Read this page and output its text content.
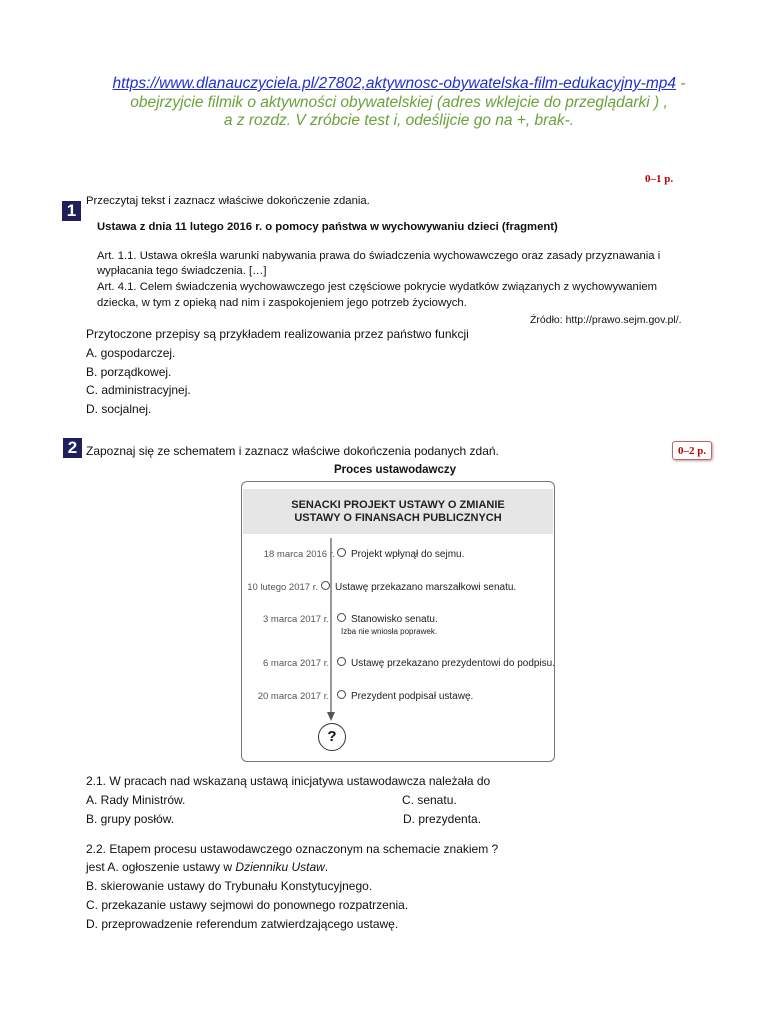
https://www.dlanauczyciela.pl/27802,aktywnosc-obywatelska-film-edukacyjny-mp4 -
obejrzyjcie filmik o aktywności obywatelskiej (adres wklejcie do przeglądarki ) ,
a z rozdz. V zróbcie test i, odeślijcie go na +, brak-.
0–1 p.
1 Przeczytaj tekst i zaznacz właściwe dokończenie zdania.
Ustawa z dnia 11 lutego 2016 r. o pomocy państwa w wychowywaniu dzieci (fragment)
Art. 1.1. Ustawa określa warunki nabywania prawa do świadczenia wychowawczego oraz zasady przyznawania i
wypłacania tego świadczenia. […]
Art. 4.1. Celem świadczenia wychowawczego jest częściowe pokrycie wydatków związanych z wychowywaniem
dziecka, w tym z opieką nad nim i zaspokojeniem jego potrzeb życiowych.
Źródło: http://prawo.sejm.gov.pl/.
Przytoczone przepisy są przykładem realizowania przez państwo funkcji
A. gospodarczej.
B. porządkowej.
C. administracyjnej.
D. socjalnej.
2 Zapoznaj się ze schematem i zaznacz właściwe dokończenia podanych zdań.	0–2 p.
Proces ustawodawczy
SENACKI PROJEKT USTAWY O ZMIANIE
USTAWY O FINANSACH PUBLICZNYCH
18 marca 2016 r. Projekt wpłynął do sejmu.
10 lutego 2017 r. Ustawę przekazano marszałkowi senatu.
3 marca 2017 r. Stanowisko senatu.
Izba nie wniosła poprawek.
6 marca 2017 r. Ustawę przekazano prezydentowi do podpisu.
20 marca 2017 r. Prezydent podpisał ustawę.
?
2.1. W pracach nad wskazaną ustawą inicjatywa ustawodawcza należała do
A. Rady Ministrów.	C. senatu.
B. grupy posłów.	D. prezydenta.
2.2. Etapem procesu ustawodawczego oznaczonym na schemacie znakiem ?
jest A. ogłoszenie ustawy w Dzienniku Ustaw.
B. skierowanie ustawy do Trybunału Konstytucyjnego.
C. przekazanie ustawy sejmowi do ponownego rozpatrzenia.
D. przeprowadzenie referendum zatwierdzającego ustawę.
